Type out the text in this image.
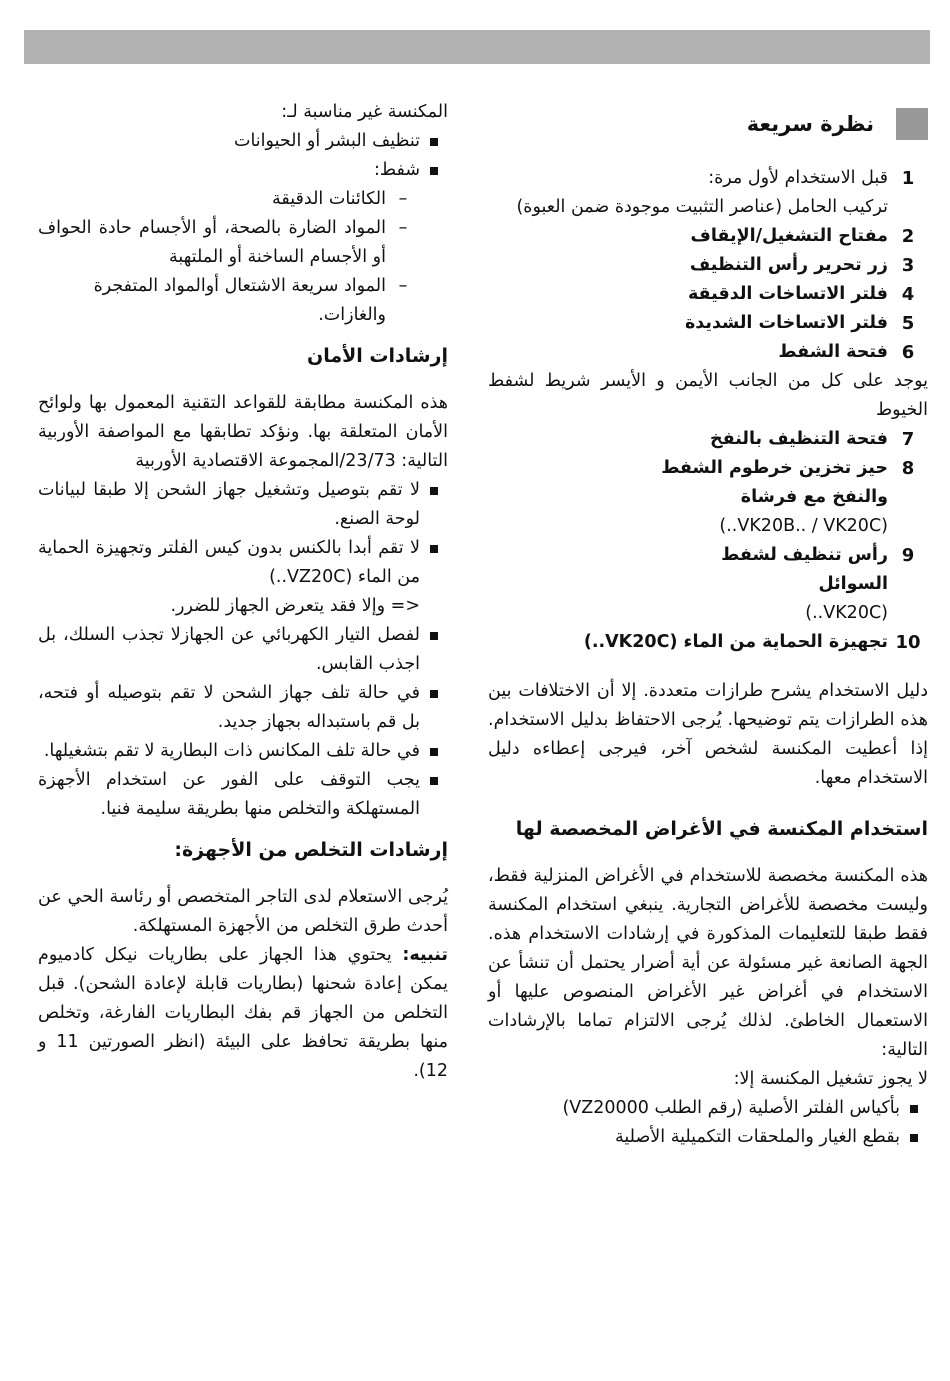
نظرة سريعة
1
قبل الاستخدام لأول مرة:
تركيب الحامل (عناصر التثبيت موجودة ضمن العبوة)
2
مفتاح التشغيل/الإيقاف
3
زر تحرير رأس التنظيف
4
فلتر الاتساخات الدقيقة
5
فلتر الاتساخات الشديدة
6
فتحة الشفط
يوجد على كل من الجانب الأيمن و الأيسر شريط لشفط الخيوط
7
فتحة التنظيف بالنفخ
8
حيز تخزين خرطوم الشفط والنفخ مع فرشاة
(VK20B.. / VK20C..)
9
رأس تنظيف لشفط السوائل
(VK20C..)
10
تجهيزة الحماية من الماء (VK20C..)
دليل الاستخدام يشرح طرازات متعددة. إلا أن الاختلافات بين هذه الطرازات يتم توضيحها. يُرجى الاحتفاظ بدليل الاستخدام. إذا أعطيت المكنسة لشخص آخر، فيرجى إعطاءه دليل الاستخدام معها.
استخدام المكنسة في الأغراض المخصصة لها
هذه المكنسة مخصصة للاستخدام في الأغراض المنزلية فقط، وليست مخصصة للأغراض التجارية. ينبغي استخدام المكنسة فقط طبقا للتعليمات المذكورة في إرشادات الاستخدام هذه. الجهة الصانعة غير مسئولة عن أية أضرار يحتمل أن تنشأ عن الاستخدام في أغراض غير الأغراض المنصوص عليها أو الاستعمال الخاطئ. لذلك يُرجى الالتزام تماما بالإرشادات التالية:
لا يجوز تشغيل المكنسة إلا:
بأكياس الفلتر الأصلية (رقم الطلب VZ20000)
بقطع الغيار والملحقات التكميلية الأصلية
المكنسة غير مناسبة لـ:
تنظيف البشر أو الحيوانات
شفط:
–
الكائنات الدقيقة
–
المواد الضارة بالصحة، أو الأجسام حادة الحواف أو الأجسام الساخنة أو الملتهبة
–
المواد سريعة الاشتعال أوالمواد المتفجرة والغازات.
إرشادات الأمان
هذه المكنسة مطابقة للقواعد التقنية المعمول بها ولوائح الأمان المتعلقة بها. ونؤكد تطابقها مع المواصفة الأوربية التالية: 23/73/المجموعة الاقتصادية الأوربية
لا تقم بتوصيل وتشغيل جهاز الشحن إلا طبقا لبيانات لوحة الصنع.
لا تقم أبدا بالكنس بدون كيس الفلتر وتجهيزة الحماية من الماء (VZ20C..)
<= وإلا فقد يتعرض الجهاز للضرر.
لفصل التيار الكهربائي عن الجهازلا تجذب السلك، بل اجذب القابس.
في حالة تلف جهاز الشحن لا تقم بتوصيله أو فتحه، بل قم باستبداله بجهاز جديد.
في حالة تلف المكانس ذات البطارية لا تقم بتشغيلها.
يجب التوقف على الفور عن استخدام الأجهزة المستهلكة والتخلص منها بطريقة سليمة فنيا.
إرشادات التخلص من الأجهزة:
يُرجى الاستعلام لدى التاجر المتخصص أو رئاسة الحي عن أحدث طرق التخلص من الأجهزة المستهلكة.
تنبيه: يحتوي هذا الجهاز على بطاريات نيكل كادميوم يمكن إعادة شحنها (بطاريات قابلة لإعادة الشحن). قبل التخلص من الجهاز قم بفك البطاريات الفارغة، وتخلص منها بطريقة تحافظ على البيئة (انظر الصورتين 11 و 12).
